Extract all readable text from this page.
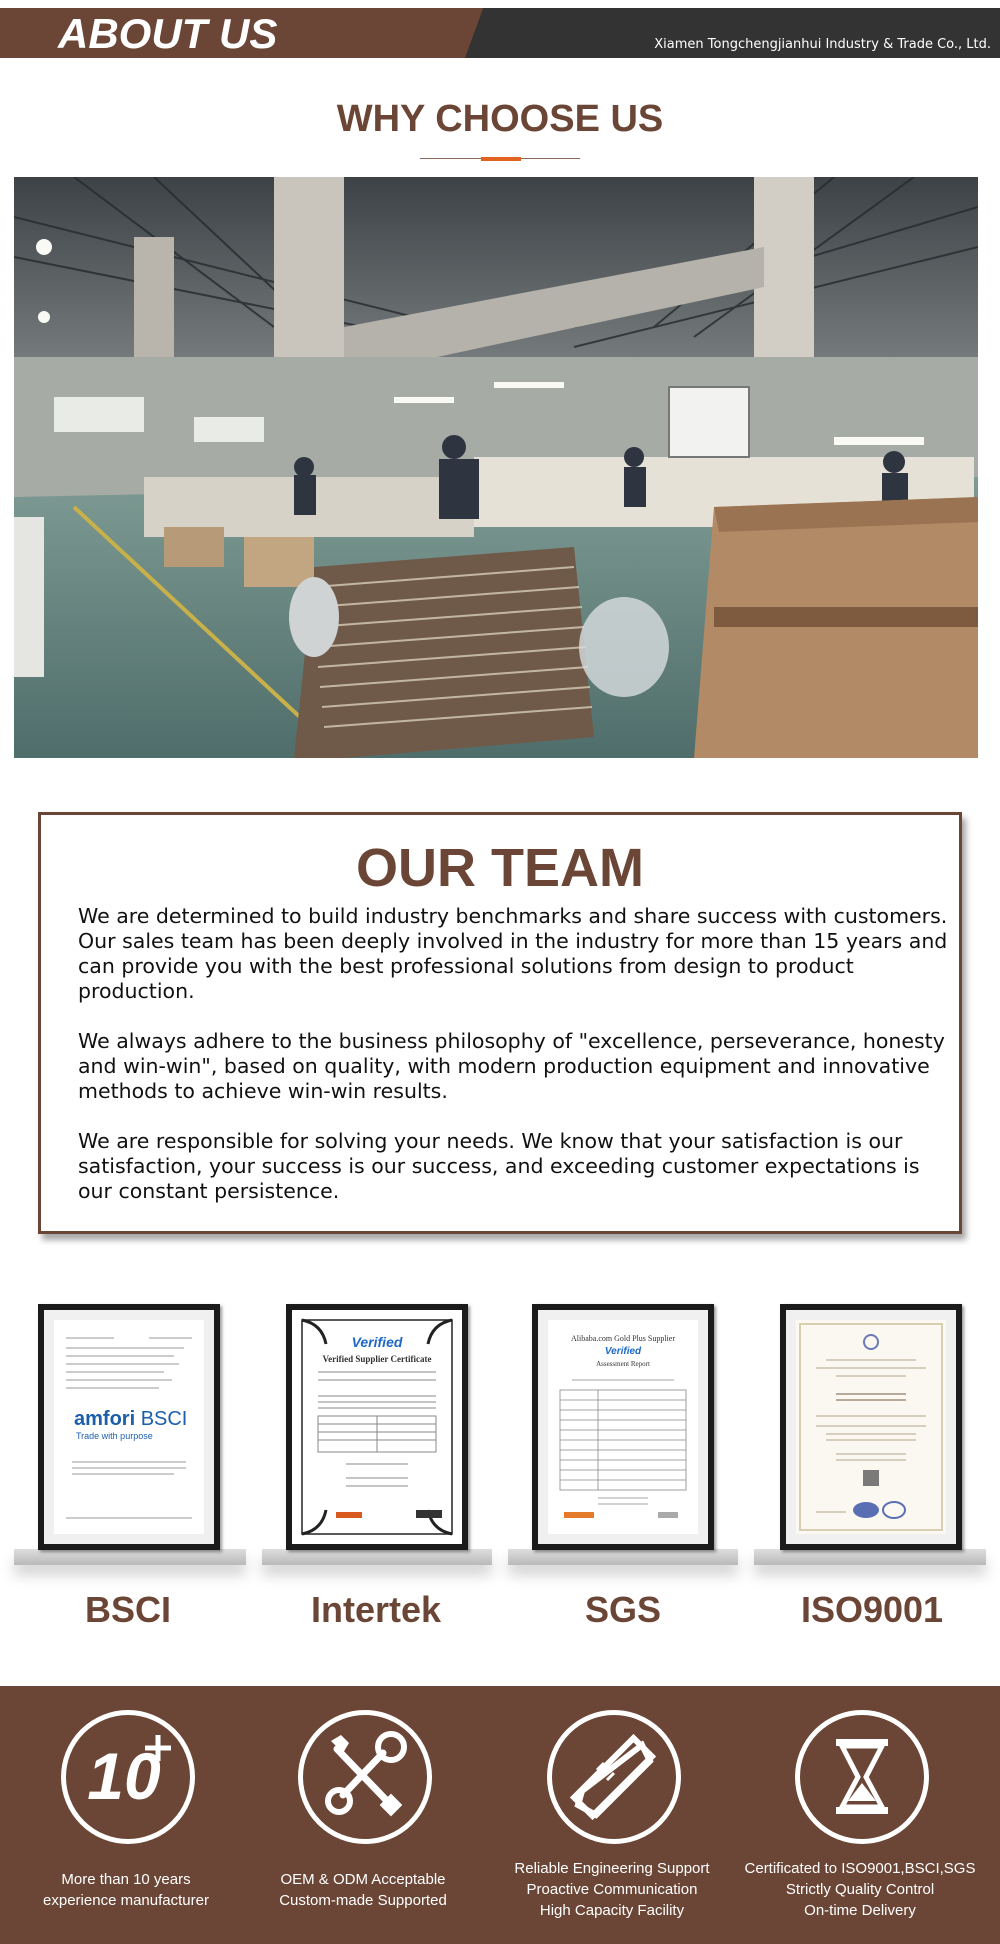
ABOUT US	Xiamen Tongchengjianhui Industry & Trade Co., Ltd.
WHY CHOOSE US
OUR TEAM

We are determined to build industry benchmarks and share success with customers. Our sales team has been deeply involved in the industry for more than 15 years and can provide you with the best professional solutions from design to product production.

We always adhere to the business philosophy of "excellence, perseverance, honesty and win-win", based on quality, with modern production equipment and innovative methods to achieve win-win results.

We are responsible for solving your needs. We know that your satisfaction is our satisfaction, your success is our success, and exceeding customer expectations is our constant persistence.

amfori BSCI
Trade with purpose
BSCI
Verified
Verified Supplier Certificate
Intertek
Alibaba.com Gold Plus Supplier
Verified
Assessment Report
SGS	ISO9001
10
More than 10 years
experience manufacturer
OEM & ODM Acceptable
Custom-made Supported
Reliable Engineering Support
Proactive Communication
High Capacity Facility
Certificated to ISO9001,BSCI,SGS
Strictly Quality Control
On-time Delivery
